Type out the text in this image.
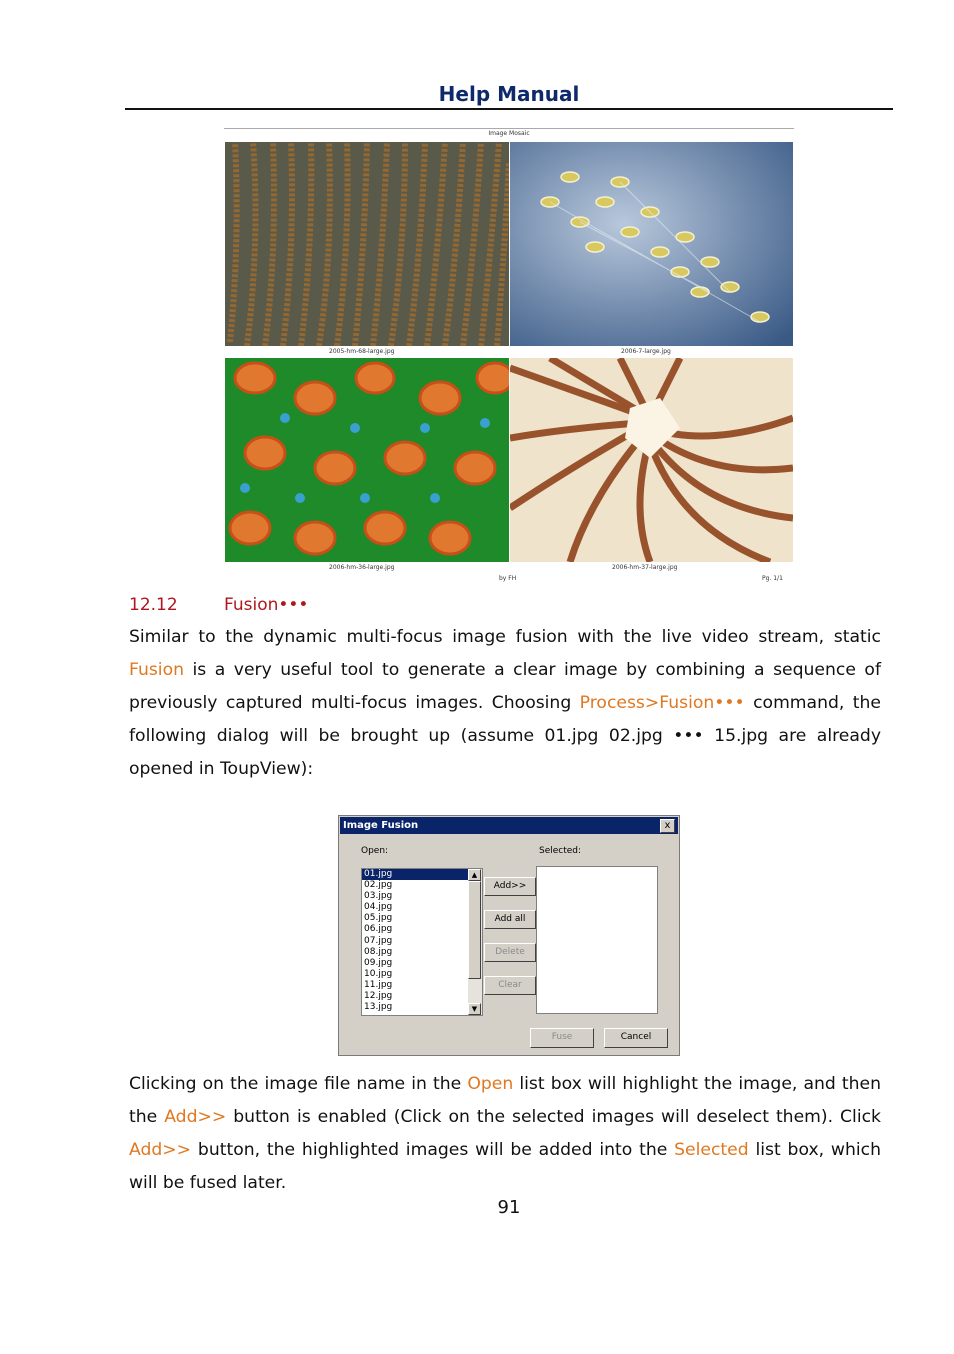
Help Manual
Image Mosaic
2005-hm-68-large.jpg	2006-7-large.jpg
2006-hm-36-large.jpg	2006-hm-37-large.jpg
by FH	Pg. 1/1
12.12	Fusion•••
Similar to the dynamic multi-focus image fusion with the live video stream, static Fusion is a very useful tool to generate a clear image by combining a sequence of previously captured multi-focus images. Choosing Process>Fusion••• command, the following dialog will be brought up (assume 01.jpg 02.jpg ••• 15.jpg are already opened in ToupView):
Image Fusion	x
Open:	Selected:
01.jpg
02.jpg
03.jpg
04.jpg
05.jpg
06.jpg
07.jpg
08.jpg
09.jpg
10.jpg
11.jpg
12.jpg
13.jpg
▲
▼
Add>>
Add all
Delete
Clear
Fuse	Cancel
Clicking on the image file name in the Open list box will highlight the image, and then the Add>> button is enabled (Click on the selected images will deselect them). Click Add>> button, the highlighted images will be added into the Selected list box, which will be fused later.
91
